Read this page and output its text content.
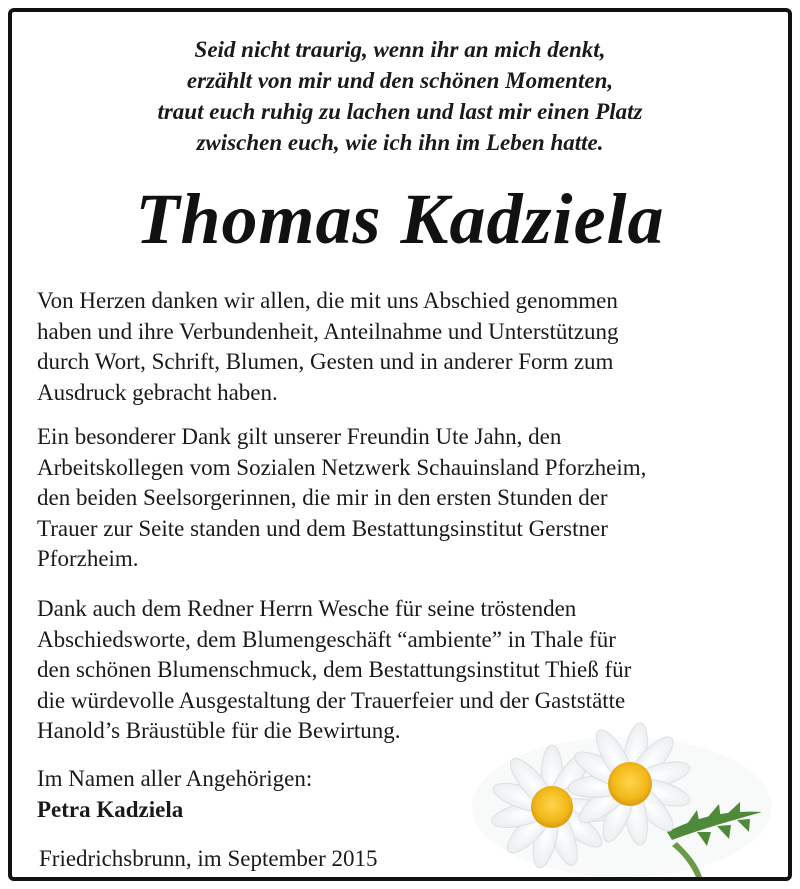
Seid nicht traurig, wenn ihr an mich denkt,
erzählt von mir und den schönen Momenten,
traut euch ruhig zu lachen und last mir einen Platz
zwischen euch, wie ich ihn im Leben hatte.
Thomas Kadziela
Von Herzen danken wir allen, die mit uns Abschied genommen
haben und ihre Verbundenheit, Anteilnahme und Unterstützung
durch Wort, Schrift, Blumen, Gesten und in anderer Form zum
Ausdruck gebracht haben.
Ein besonderer Dank gilt unserer Freundin Ute Jahn, den
Arbeitskollegen vom Sozialen Netzwerk Schauinsland Pforzheim,
den beiden Seelsorgerinnen, die mir in den ersten Stunden der
Trauer zur Seite standen und dem Bestattungsinstitut Gerstner
Pforzheim.
Dank auch dem Redner Herrn Wesche für seine tröstenden
Abschiedsworte, dem Blumengeschäft “ambiente” in Thale für
den schönen Blumenschmuck, dem Bestattungsinstitut Thieß für
die würdevolle Ausgestaltung der Trauerfeier und der Gaststätte
Hanold’s Bräustüble für die Bewirtung.
Im Namen aller Angehörigen:
Petra Kadziela
Friedrichsbrunn, im September 2015
